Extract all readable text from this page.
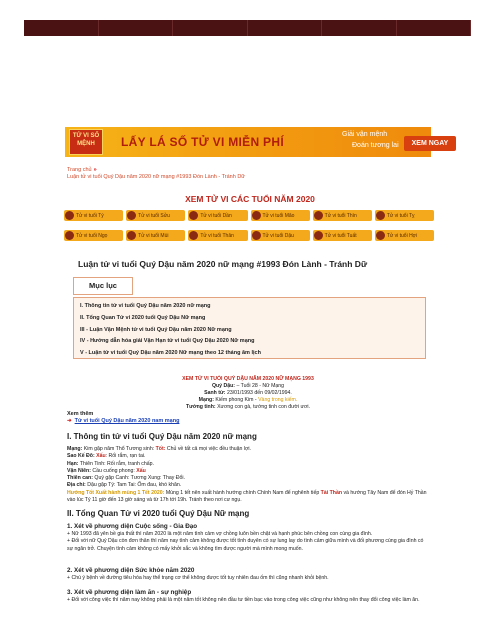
TỬ VI SỐ MỆNH	LẤY LÁ SỐ TỬ VI MIỄN PHÍ
Giải vận mệnh
Đoán tương lai	XEM NGAY
Trang chủ »
Luận tử vi tuổi Quý Dậu năm 2020 nữ mạng #1993 Đón Lành - Tránh Dữ
XEM TỬ VI CÁC TUỔI NĂM 2020
Tử vi tuổi Tý	Tử vi tuổi Sửu	Tử vi tuổi Dần	Tử vi tuổi Mão	Tử vi tuổi Thìn	Tử vi tuổi Tỵ
Tử vi tuổi Ngọ	Tử vi tuổi Mùi	Tử vi tuổi Thân	Tử vi tuổi Dậu	Tử vi tuổi Tuất	Tử vi tuổi Hợi
Luận tử vi tuổi Quý Dậu năm 2020 nữ mạng #1993 Đón Lành - Tránh Dữ
Mục lục
I. Thông tin tử vi tuổi Quý Dậu năm 2020 nữ mạng
II. Tổng Quan Tử vi 2020 tuổi Quý Dậu Nữ mạng
III - Luận Vận Mệnh tử vi tuổi Quý Dậu năm 2020 Nữ mạng
IV - Hướng dẫn hóa giải Vận Hạn tử vi tuổi Quý Dậu 2020 Nữ mạng
V - Luận tử vi tuổi Quý Dậu năm 2020 Nữ mạng theo 12 tháng âm lịch
XEM TỬ VI TUỔI QUÝ DẬU NĂM 2020 NỮ MẠNG 1993
Quý Dậu: – Tuổi 28 - Nữ Mạng
Sanh từ: 23/01/1993 đến 09/02/1994.
Mạng: Kiếm phong Kim - Vàng trong kiếm.
Tướng tinh: Xương con gà, tướng tinh con đười ươi.
Xem thêm
➜ Tử vi tuổi Quý Dậu năm 2020 nam mạng
I. Thông tin tử vi tuổi Quý Dậu năm 2020 nữ mạng
Mạng: Kim gặp năm Thổ Tương sinh: Tốt: Chủ về tất cả mọi việc đều thuận lợi.
Sao Kế Đô: Xấu: Rối rắm, rạn tai.
Hạn: Thiên Tinh: Rối rắm, tranh chấp.
Vận Niên: Cầu cuống phong: Xấu
Thiên can: Quý gặp Canh: Tương Xung: Thay Đổi.
Địa chi: Dậu gặp Tý: Tam Tai: Ốm đau, khó khăn.
Hướng Tốt Xuất hành mùng 1 Tết 2020: Mùng 1 tết nên xuất hành hướng chính Chính Nam để nghênh tiếp Tài Thần và hướng Tây Nam để đón Hỷ Thần vào lúc Tý 11 giờ đến 13 giờ sáng và từ 17h tới 19h. Tránh theo nơi cư ngụ.
II. Tổng Quan Tử vi 2020 tuổi Quý Dậu Nữ mạng
1. Xét về phương diện Cuộc sống - Gia Đạo
+ Nữ 1993 đã yên bề gia thất thì năm 2020 là một năm tình cảm vợ chồng luôn bền chặt và hạnh phúc bên chồng con cùng gia đình.
+ Đối với nữ Quý Dậu còn đơn thân thì năm nay tình cảm không được tốt tình duyên có sự lung lay do tình cảm giữa mình và đối phương cùng gia đình có sự ngăn trở. Chuyện tình cảm không có mấy khởi sắc và không tìm được người mà mình mong muốn.
2. Xét về phương diện Sức khỏe năm 2020
+ Chú ý bệnh về đường tiêu hóa hay thể trạng cơ thể không được tốt tuy nhiên đau ốm thì cũng nhanh khỏi bệnh.
3. Xét về phương diện làm ăn - sự nghiệp
+ Đối với công việc thì năm nay không phải là một năm tốt không nên đầu tư tiền bạc vào trong công việc cũng như không nên thay đổi công việc làm ăn.
